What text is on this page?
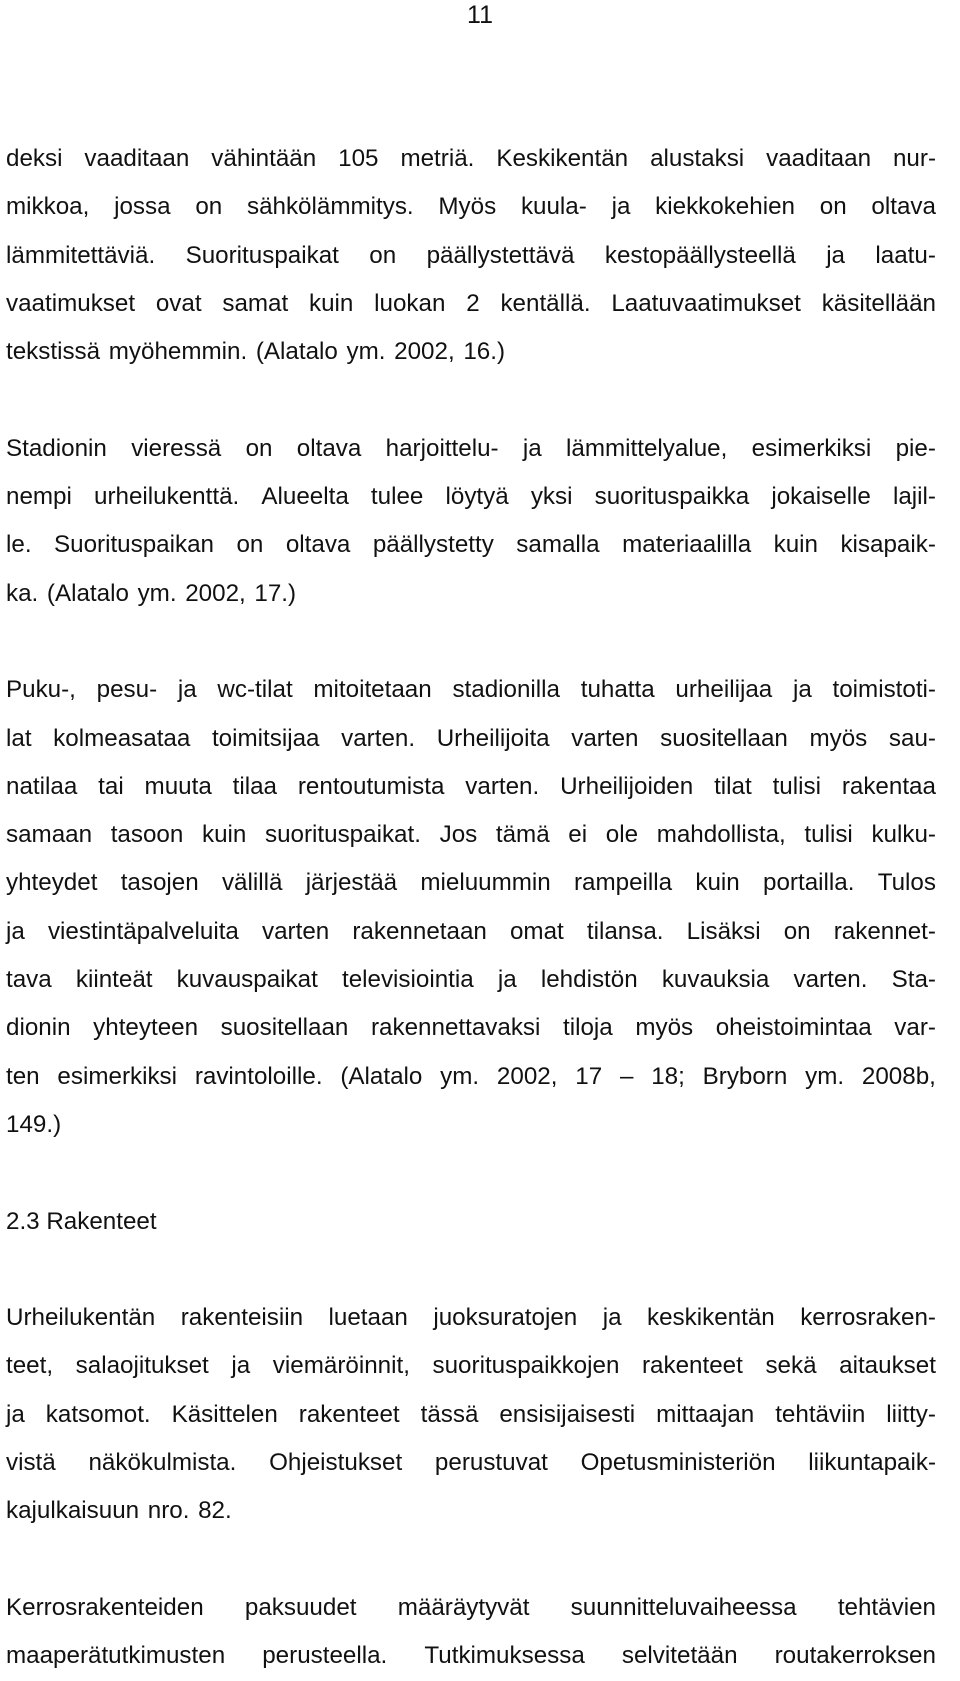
11
deksi vaaditaan vähintään 105 metriä. Keskikentän alustaksi vaaditaan nur-
mikkoa, jossa on sähkölämmitys. Myös kuula- ja kiekkokehien on oltava
lämmitettäviä. Suorituspaikat on päällystettävä kestopäällysteellä ja laatu-
vaatimukset ovat samat kuin luokan 2 kentällä. Laatuvaatimukset käsitellään
tekstissä myöhemmin. (Alatalo ym. 2002, 16.)
Stadionin vieressä on oltava harjoittelu- ja lämmittelyalue, esimerkiksi pie-
nempi urheilukenttä. Alueelta tulee löytyä yksi suorituspaikka jokaiselle lajil-
le. Suorituspaikan on oltava päällystetty samalla materiaalilla kuin kisapaik-
ka. (Alatalo ym. 2002, 17.)
Puku-, pesu- ja wc-tilat mitoitetaan stadionilla tuhatta urheilijaa ja toimistoti-
lat kolmeasataa toimitsijaa varten. Urheilijoita varten suositellaan myös sau-
natilaa tai muuta tilaa rentoutumista varten. Urheilijoiden tilat tulisi rakentaa
samaan tasoon kuin suorituspaikat. Jos tämä ei ole mahdollista, tulisi kulku-
yhteydet tasojen välillä järjestää mieluummin rampeilla kuin portailla. Tulos
ja viestintäpalveluita varten rakennetaan omat tilansa. Lisäksi on rakennet-
tava kiinteät kuvauspaikat televisiointia ja lehdistön kuvauksia varten. Sta-
dionin yhteyteen suositellaan rakennettavaksi tiloja myös oheistoimintaa var-
ten esimerkiksi ravintoloille. (Alatalo ym. 2002, 17 – 18; Bryborn ym. 2008b,
149.)
2.3 Rakenteet
Urheilukentän rakenteisiin luetaan juoksuratojen ja keskikentän kerrosraken-
teet, salaojitukset ja viemäröinnit, suorituspaikkojen rakenteet sekä aitaukset
ja katsomot. Käsittelen rakenteet tässä ensisijaisesti mittaajan tehtäviin liitty-
vistä näkökulmista. Ohjeistukset perustuvat Opetusministeriön liikuntapaik-
kajulkaisuun nro. 82.
Kerrosrakenteiden paksuudet määräytyvät suunnitteluvaiheessa tehtävien
maaperätutkimusten perusteella. Tutkimuksessa selvitetään routakerroksen
